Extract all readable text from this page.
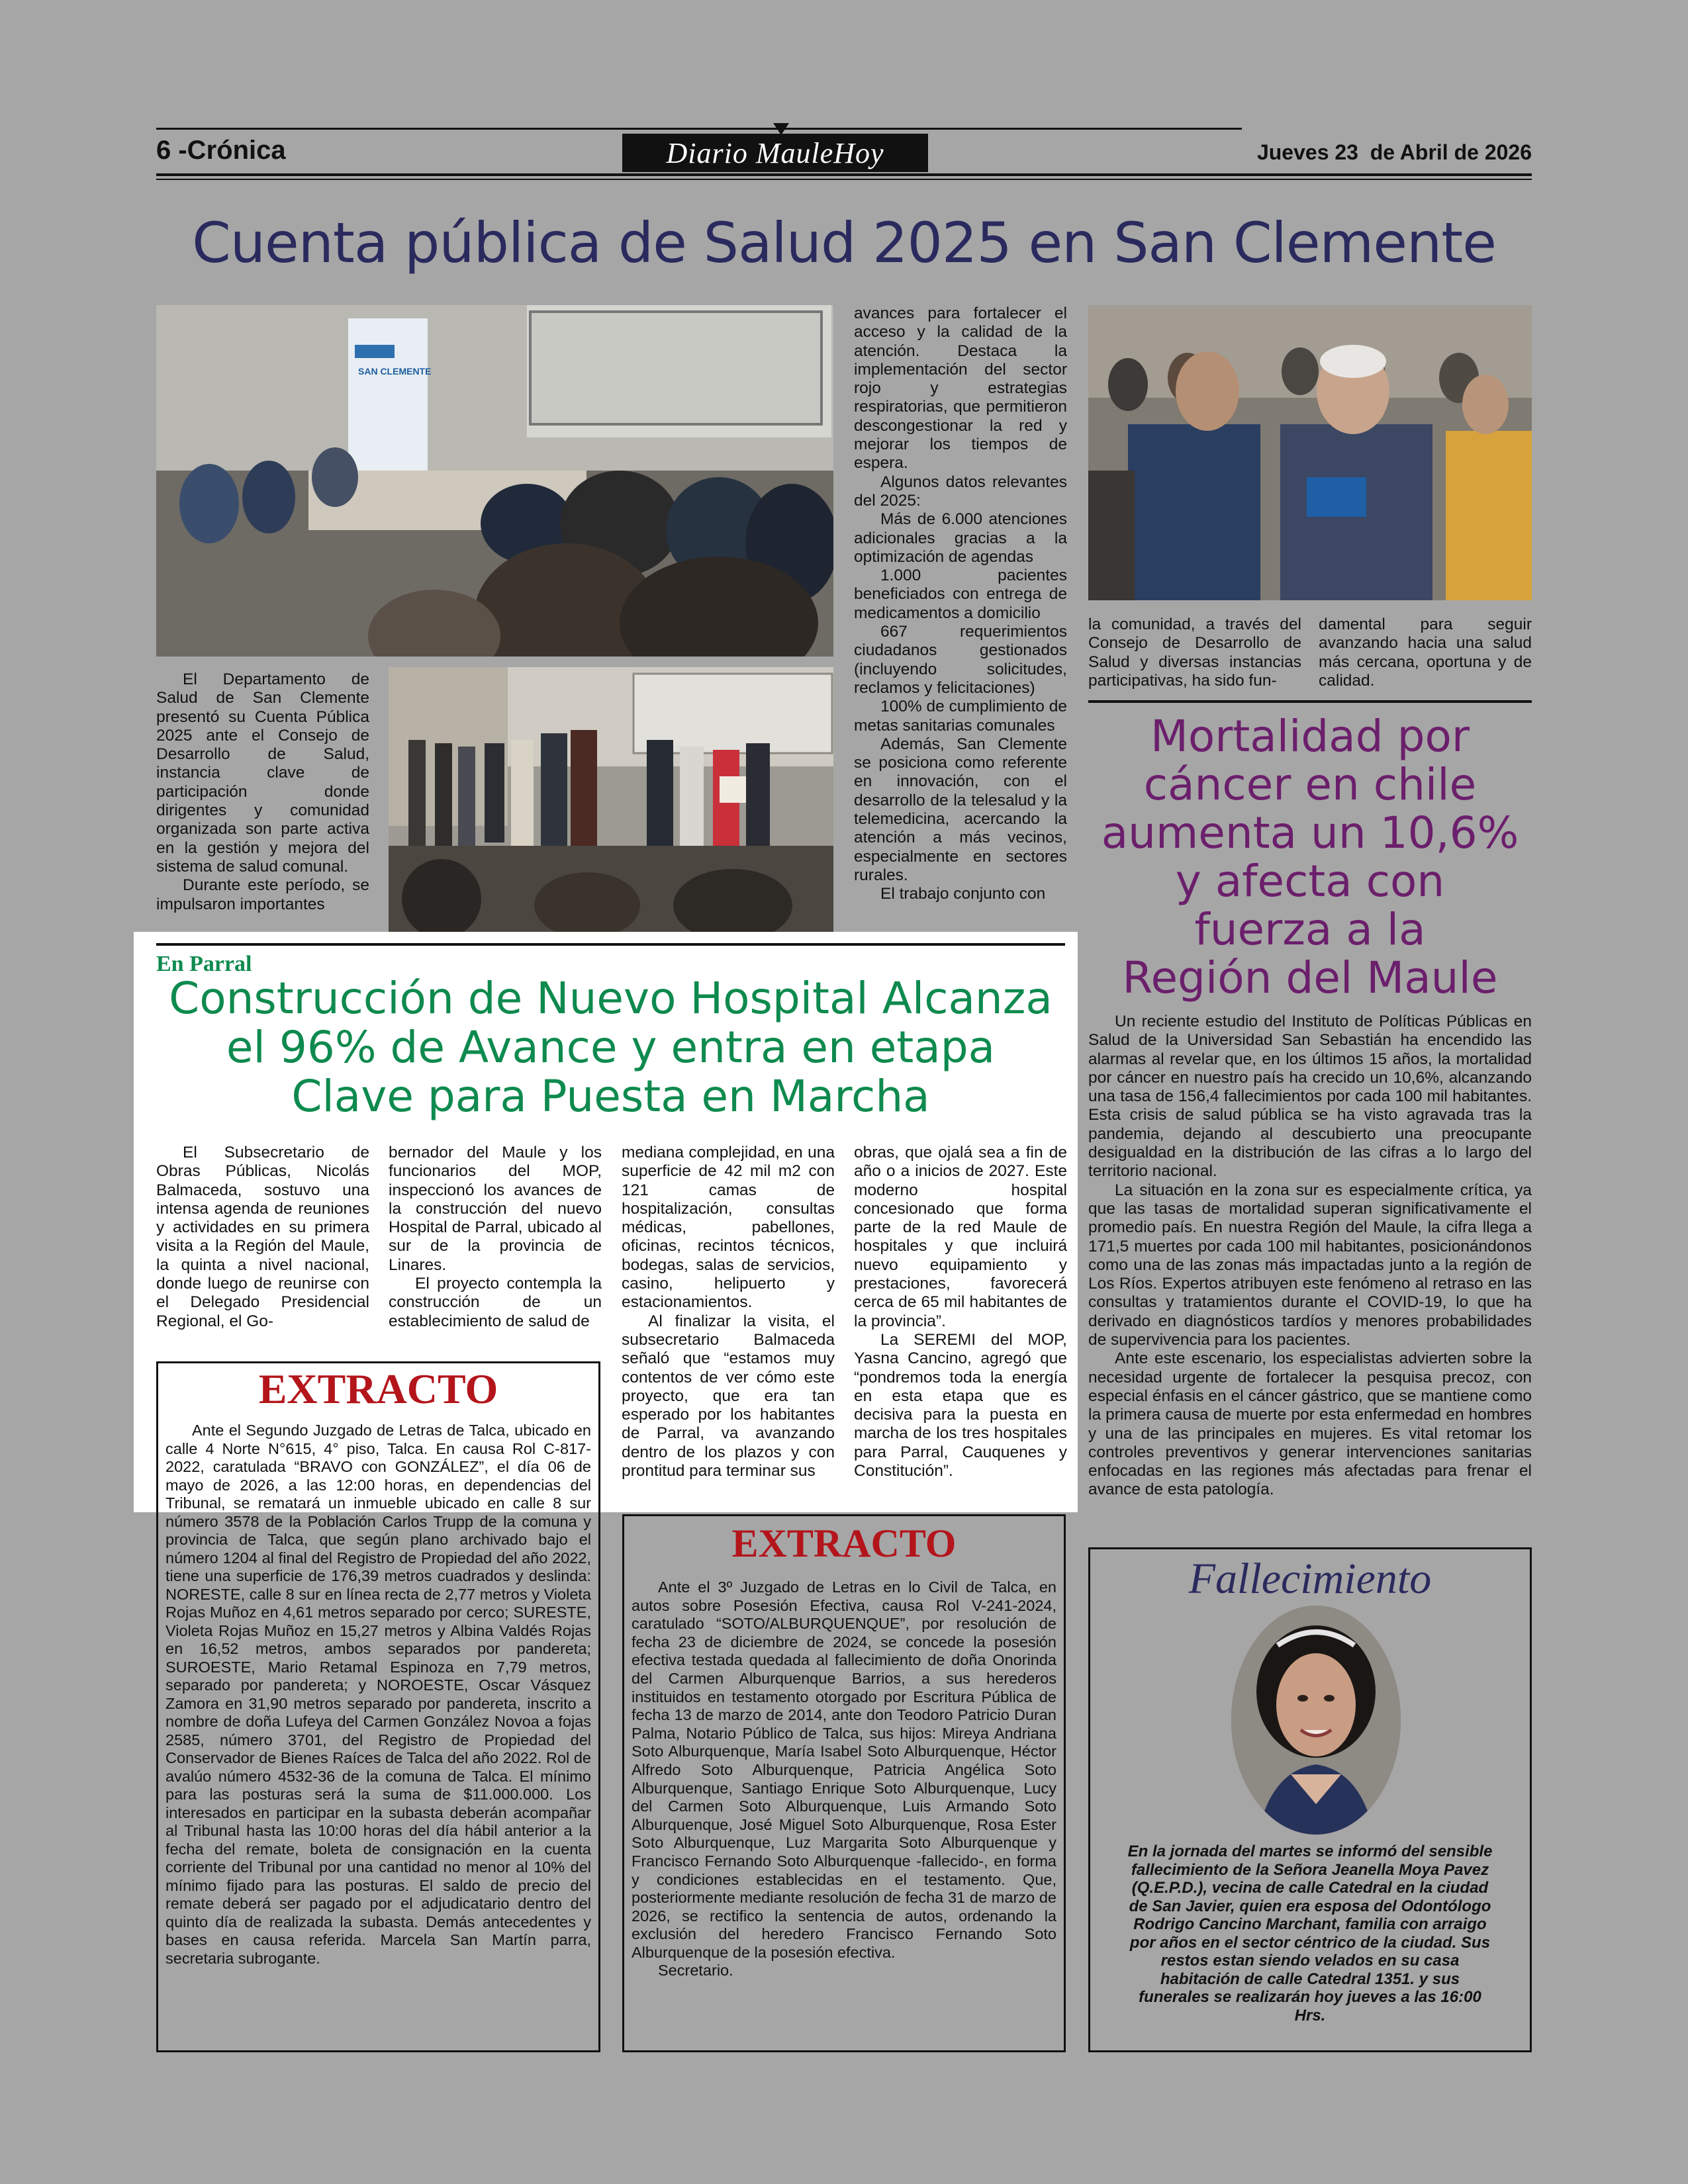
6 -Crónica	Diario MauleHoy	Jueves 23  de Abril de 2026
Cuenta pública de Salud 2025 en San Clemente
SAN CLEMENTE

El Departamento de Salud de San Clemente presentó su Cuenta Pública 2025 ante el Consejo de Desarrollo de Salud, instancia clave de participación donde dirigentes y comunidad organizada son parte activa en la gestión y mejora del sistema de salud comunal.

Durante este período, se impulsaron importantes

avances para fortalecer el acceso y la calidad de la atención. Destaca la implementación del sector rojo y estrategias respiratorias, que permitieron descongestionar la red y mejorar los tiempos de espera.

Algunos datos relevantes del 2025:

Más de 6.000 atenciones adicionales gracias a la optimización de agendas

1.000 pacientes beneficiados con entrega de medicamentos a domicilio

667 requerimientos ciudadanos gestionados (incluyendo solicitudes, reclamos y felicitaciones)

100% de cumplimiento de metas sanitarias comunales

Además, San Clemente se posiciona como referente en innovación, con el desarrollo de la telesalud y la telemedicina, acercando la atención a más vecinos, especialmente en sectores rurales.

El trabajo conjunto con

la comunidad, a través del Consejo de Desarrollo de Salud y diversas instancias participativas, ha sido fun-
damental para seguir avanzando hacia una salud más cercana, oportuna y de calidad.
Mortalidad por
cáncer en chile
aumenta un 10,6%
y afecta con
fuerza a la
Región del Maule

Un reciente estudio del Instituto de Políticas Públicas en Salud de la Universidad San Sebastián ha encendido las alarmas al revelar que, en los últimos 15 años, la mortalidad por cáncer en nuestro país ha crecido un 10,6%, alcanzando una tasa de 156,4 fallecimientos por cada 100 mil habitantes. Esta crisis de salud pública se ha visto agravada tras la pandemia, dejando al descubierto una preocupante desigualdad en la distribución de las cifras a lo largo del territorio nacional.

La situación en la zona sur es especialmente crítica, ya que las tasas de mortalidad superan significativamente el promedio país. En nuestra Región del Maule, la cifra llega a 171,5 muertes por cada 100 mil habitantes, posicionándonos como una de las zonas más impactadas junto a la región de Los Ríos. Expertos atribuyen este fenómeno al retraso en las consultas y tratamientos durante el COVID-19, lo que ha derivado en diagnósticos tardíos y menores probabilidades de supervivencia para los pacientes.

Ante este escenario, los especialistas advierten sobre la necesidad urgente de fortalecer la pesquisa precoz, con especial énfasis en el cáncer gástrico, que se mantiene como la primera causa de muerte por esta enfermedad en hombres y una de las principales en mujeres. Es vital retomar los controles preventivos y generar intervenciones sanitarias enfocadas en las regiones más afectadas para frenar el avance de esta patología.

En Parral
Construcción de Nuevo Hospital Alcanza
el 96% de Avance y entra en etapa
Clave para Puesta en Marcha

El Subsecretario de Obras Públicas, Nicolás Balmaceda, sostuvo una intensa agenda de reuniones y actividades en su primera visita a la Región del Maule, la quinta a nivel nacional, donde luego de reunirse con el Delegado Presidencial Regional, el Go-

bernador del Maule y los funcionarios del MOP, inspeccionó los avances de la construcción del nuevo Hospital de Parral, ubicado al sur de la provincia de Linares.

El proyecto contempla la construcción de un establecimiento de salud de

mediana complejidad, en una superficie de 42 mil m2 con 121 camas de hospitalización, consultas médicas, pabellones, oficinas, recintos técnicos, bodegas, salas de servicios, casino, helipuerto y estacionamientos.

Al finalizar la visita, el subsecretario Balmaceda señaló que “estamos muy contentos de ver cómo este proyecto, que era tan esperado por los habitantes de Parral, va avanzando dentro de los plazos y con prontitud para terminar sus

obras, que ojalá sea a fin de año o a inicios de 2027. Este moderno hospital concesionado que forma parte de la red Maule de hospitales y que incluirá nuevo equipamiento y prestaciones, favorecerá cerca de 65 mil habitantes de la provincia”.

La SEREMI del MOP, Yasna Cancino, agregó que “pondremos toda la energía en esta etapa que es decisiva para la puesta en marcha de los tres hospitales para Parral, Cauquenes y Constitución”.

EXTRACTO

Ante el Segundo Juzgado de Letras de Talca, ubicado en calle 4 Norte N°615, 4° piso, Talca. En causa Rol C-817-2022, caratulada “BRAVO con GONZÁLEZ”, el día 06 de mayo de 2026, a las 12:00 horas, en dependencias del Tribunal, se rematará un inmueble ubicado en calle 8 sur número 3578 de la Población Carlos Trupp de la comuna y provincia de Talca, que según plano archivado bajo el número 1204 al final del Registro de Propiedad del año 2022, tiene una superficie de 176,39 metros cuadrados y deslinda: NORESTE, calle 8 sur en línea recta de 2,77 metros y Violeta Rojas Muñoz en 4,61 metros separado por cerco; SURESTE, Violeta Rojas Muñoz en 15,27 metros y Albina Valdés Rojas en 16,52 metros, ambos separados por pandereta; SUROESTE, Mario Retamal Espinoza en 7,79 metros, separado por pandereta; y NOROESTE, Oscar Vásquez Zamora en 31,90 metros separado por pandereta, inscrito a nombre de doña Lufeya del Carmen González Novoa a fojas 2585, número 3701, del Registro de Propiedad del Conservador de Bienes Raíces de Talca del año 2022. Rol de avalúo número 4532-36 de la comuna de Talca. El mínimo para las posturas será la suma de $11.000.000. Los interesados en participar en la subasta deberán acompañar al Tribunal hasta las 10:00 horas del día hábil anterior a la fecha del remate, boleta de consignación en la cuenta corriente del Tribunal por una cantidad no menor al 10% del mínimo fijado para las posturas. El saldo de precio del remate deberá ser pagado por el adjudicatario dentro del quinto día de realizada la subasta. Demás antecedentes y bases en causa referida. Marcela San Martín parra, secretaria subrogante.

EXTRACTO

Ante el 3º Juzgado de Letras en lo Civil de Talca, en autos sobre Posesión Efectiva, causa Rol V-241-2024, caratulado “SOTO/ALBURQUENQUE”, por resolución de fecha 23 de diciembre de 2024, se concede la posesión efectiva testada quedada al fallecimiento de doña Onorinda del Carmen Alburquenque Barrios, a sus herederos instituidos en testamento otorgado por Escritura Pública de fecha 13 de marzo de 2014, ante don Teodoro Patricio Duran Palma, Notario Público de Talca, sus hijos: Mireya Andriana Soto Alburquenque, María Isabel Soto Alburquenque, Héctor Alfredo Soto Alburquenque, Patricia Angélica Soto Alburquenque, Santiago Enrique Soto Alburquenque, Lucy del Carmen Soto Alburquenque, Luis Armando Soto Alburquenque, José Miguel Soto Alburquenque, Rosa Ester Soto Alburquenque, Luz Margarita Soto Alburquenque y Francisco Fernando Soto Alburquenque -fallecido-, en forma y condiciones establecidas en el testamento. Que, posteriormente mediante resolución de fecha 31 de marzo de 2026, se rectifico la sentencia de autos, ordenando la exclusión del heredero Francisco Fernando Soto Alburquenque de la posesión efectiva.

Secretario.

Fallecimiento
En la jornada del martes se informó del sensible fallecimiento de la Señora Jeanella Moya Pavez (Q.E.P.D.), vecina de calle Catedral en la ciudad de San Javier, quien era esposa del Odontólogo Rodrigo Cancino Marchant, familia con arraigo por años en el sector céntrico de la ciudad. Sus restos estan siendo velados en su casa habitación de calle Catedral 1351. y sus funerales se realizarán hoy jueves a las 16:00 Hrs.
